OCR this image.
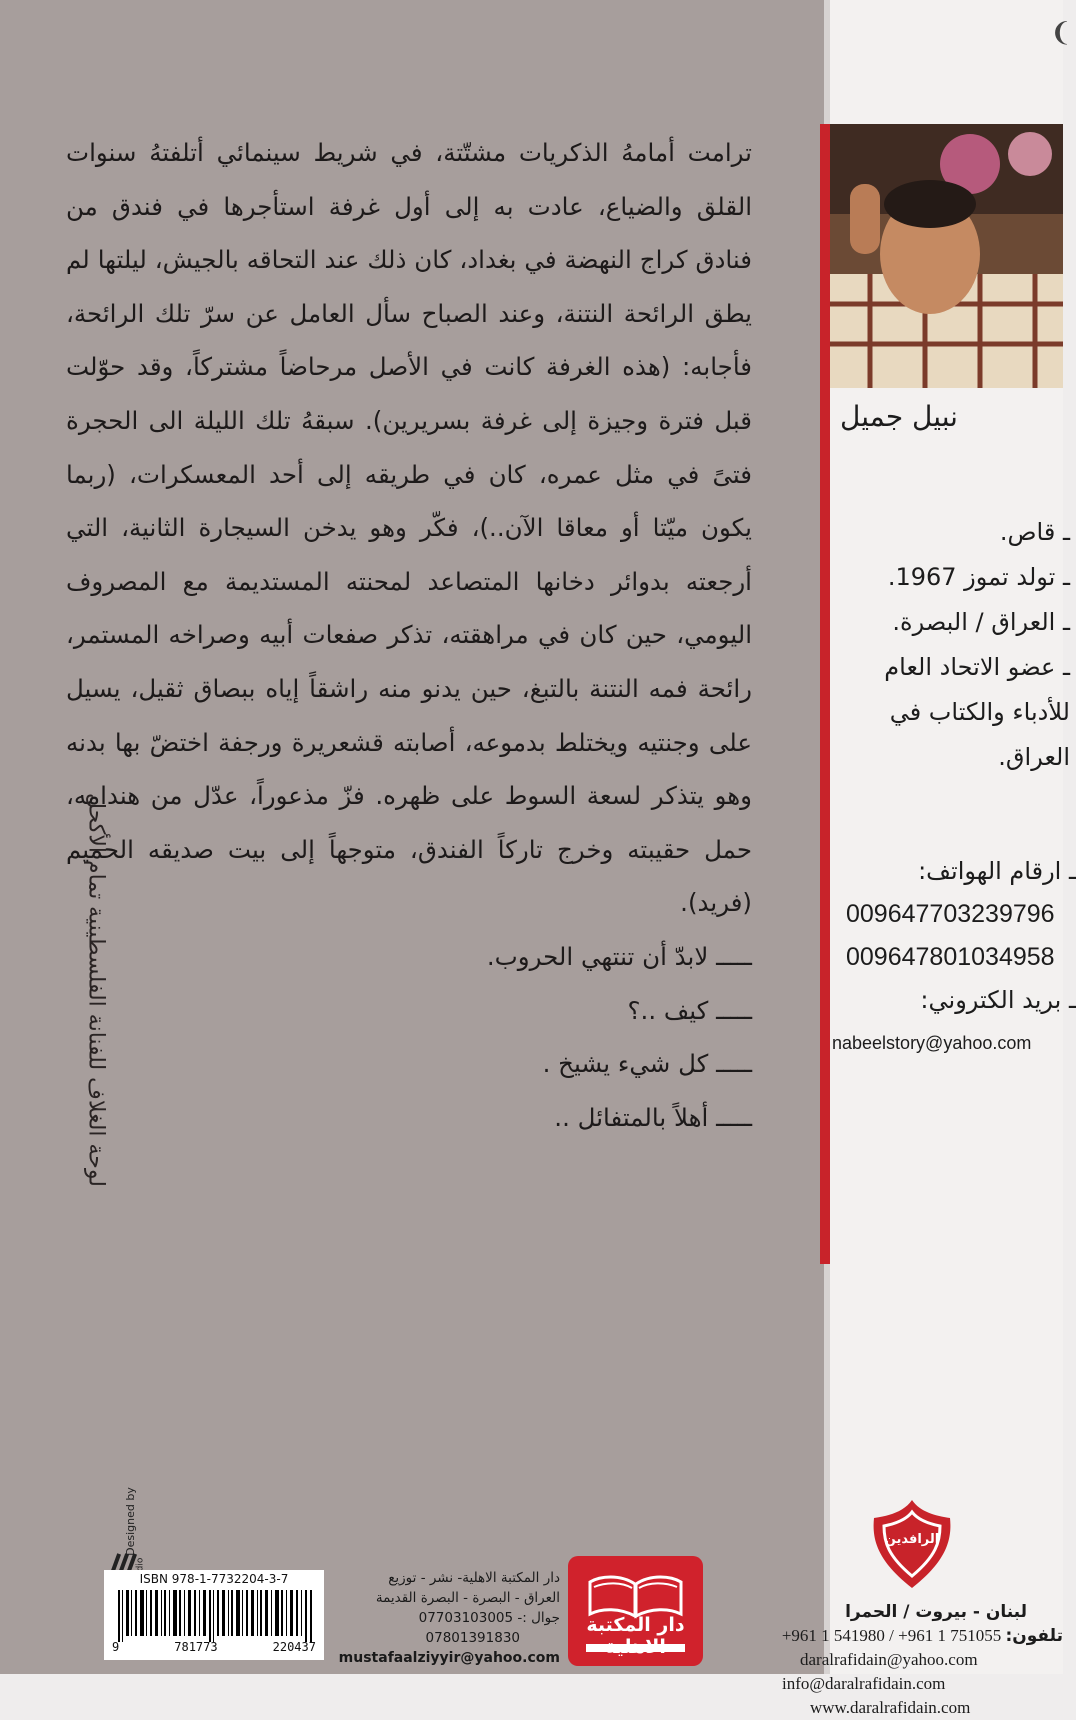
❨

ترامت أمامهُ الذكريات مشتّتة، في شريط سينمائي أتلفتهُ سنوات القلق والضياع، عادت به إلى أول غرفة استأجرها في فندق من فنادق كراج النهضة في بغداد، كان ذلك عند التحاقه بالجيش، ليلتها لم يطق الرائحة النتنة، وعند الصباح سأل العامل عن سرّ تلك الرائحة، فأجابه: (هذه الغرفة كانت في الأصل مرحاضاً مشتركاً، وقد حوّلت قبل فترة وجيزة إلى غرفة بسريرين). سبقهُ تلك الليلة الى الحجرة فتىً في مثل عمره، كان في طريقه إلى أحد المعسكرات، (ربما يكون ميّتا أو معاقا الآن..)، فكّر وهو يدخن السيجارة الثانية، التي أرجعته بدوائر دخانها المتصاعد لمحنته المستديمة مع المصروف اليومي، حين كان في مراهقته، تذكر صفعات أبيه وصراخه المستمر، رائحة فمه النتنة بالتبغ، حين يدنو منه راشقاً إياه ببصاق ثقيل، يسيل على وجنتيه ويختلط بدموعه، أصابته قشعريرة ورجفة اختضّ بها بدنه وهو يتذكر لسعة السوط على ظهره. فزّ مذعوراً، عدّل من هندامه، حمل حقيبته وخرج تاركاً الفندق، متوجهاً إلى بيت صديقه الحميم (فريد).

ـــــ لابدّ أن تنتهي الحروب.

ـــــ كيف ..؟

ـــــ كل شيء يشيخ .

ـــــ أهلاً بالمتفائل ..

لوحة الغلاف للفنانة الفلسطينية تمام الأكحل
Designed by
ISBN 978-1-7732204-3-7
9	781773	220437
دار المكتبة الاهلية- نشر - توزيع
العراق - البصرة - البصرة القديمة
جوال :- 07703103005
07801391830
mustafaalziyyir@yahoo.com
دار المكتبة الاهلية
نبيل جميل

ـ قاص.

ـ تولد تموز 1967.

ـ العراق / البصرة.

ـ عضو الاتحاد العام

للأدباء والكتاب في

العراق.

ـ ارقام الهواتف:

009647703239796

009647801034958

ـ بريد الكتروني:

nabeelstory@yahoo.com

الرافدين
لبنان - بيروت / الحمرا
تلفون: +961 1 541980 / +961 1 751055
daralrafidain@yahoo.com
info@daralrafidain.com
www.daralrafidain.com
